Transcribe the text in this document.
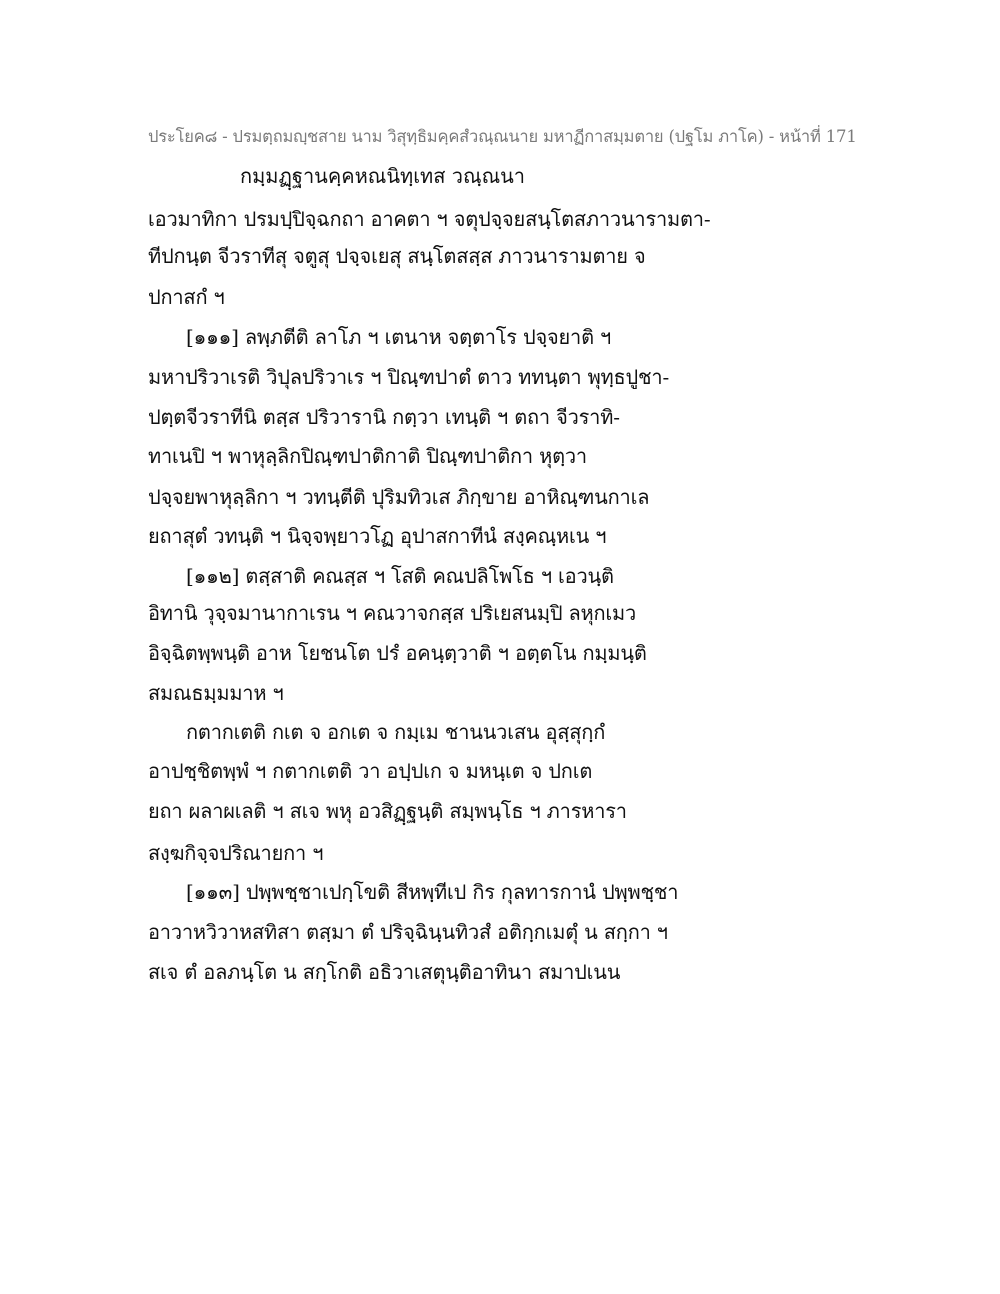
ประโยค๘ - ปรมตฺถมญฺชสาย นาม วิสุทฺธิมคฺคสํวณฺณนาย มหาฏีกาสมฺมตาย (ปฐโม ภาโค) - หน้าที่ 171
กมฺมฏฺฐานคฺคหณนิทฺเทส วณฺณนา
เอวมาทิกา ปรมปฺปิจฺฉกถา อาคตา ฯ จตุปจฺจยสนฺโตสภาวนารามตา-
ทีปกนฺต จีวราทีสุ จตูสุ ปจฺจเยสุ สนฺโตสสฺส ภาวนารามตาย จ
ปกาสกํ ฯ
[๑๑๑] ลพฺภตีติ ลาโภ ฯ เตนาห จตฺตาโร ปจฺจยาติ ฯ
มหาปริวาเรติ วิปุลปริวาเร ฯ ปิณฺฑปาตํ ตาว ททนฺตา พุทฺธปูชา-
ปตฺตจีวราทีนิ ตสฺส ปริวารานิ กตฺวา เทนฺติ ฯ ตถา จีวราทิ-
ทาเนปิ ฯ พาหุลฺลิกปิณฺฑปาติกาติ ปิณฺฑปาติกา หุตฺวา
ปจฺจยพาหุลฺลิกา ฯ วทนฺตีติ ปุริมทิวเส ภิกฺขาย อาหิณฺฑนกาเล
ยถาสุตํ วทนฺติ ฯ นิจฺจพฺยาวโฏ อุปาสกาทีนํ สงฺคณฺหเน ฯ
[๑๑๒] ตสฺสาติ คณสฺส ฯ โสติ คณปลิโพโธ ฯ เอวนฺติ
อิทานิ วุจฺจมานากาเรน ฯ คณวาจกสฺส ปริเยสนมฺปิ ลหุกเมว
อิจฺฉิตพฺพนฺติ อาห โยชนโต ปรํ อคนฺตฺวาติ ฯ อตฺตโน กมฺมนฺติ
สมณธมฺมมาห ฯ
กตากเตติ กเต จ อกเต จ กมฺเม ชานนวเสน อุสฺสุกฺกํ
อาปชฺชิตพฺพํ ฯ กตากเตติ วา อปฺปเก จ มหนฺเต จ ปกเต
ยถา ผลาผเลติ ฯ สเจ พหุ อวสิฏฺฐนฺติ สมฺพนฺโธ ฯ ภารหารา
สงฺฆกิจฺจปริณายกา ฯ
[๑๑๓] ปพฺพชฺชาเปกฺโขติ สีหพฺทีเป กิร กุลทารกานํ ปพฺพชฺชา
อาวาหวิวาหสทิสา ตสฺมา ตํ ปริจฺฉินฺนทิวสํ อติกฺกเมตุํ น สกฺกา ฯ
สเจ ตํ อลภนฺโต น สกฺโกติ อธิวาเสตุนฺติอาทินา สมาปเนน
